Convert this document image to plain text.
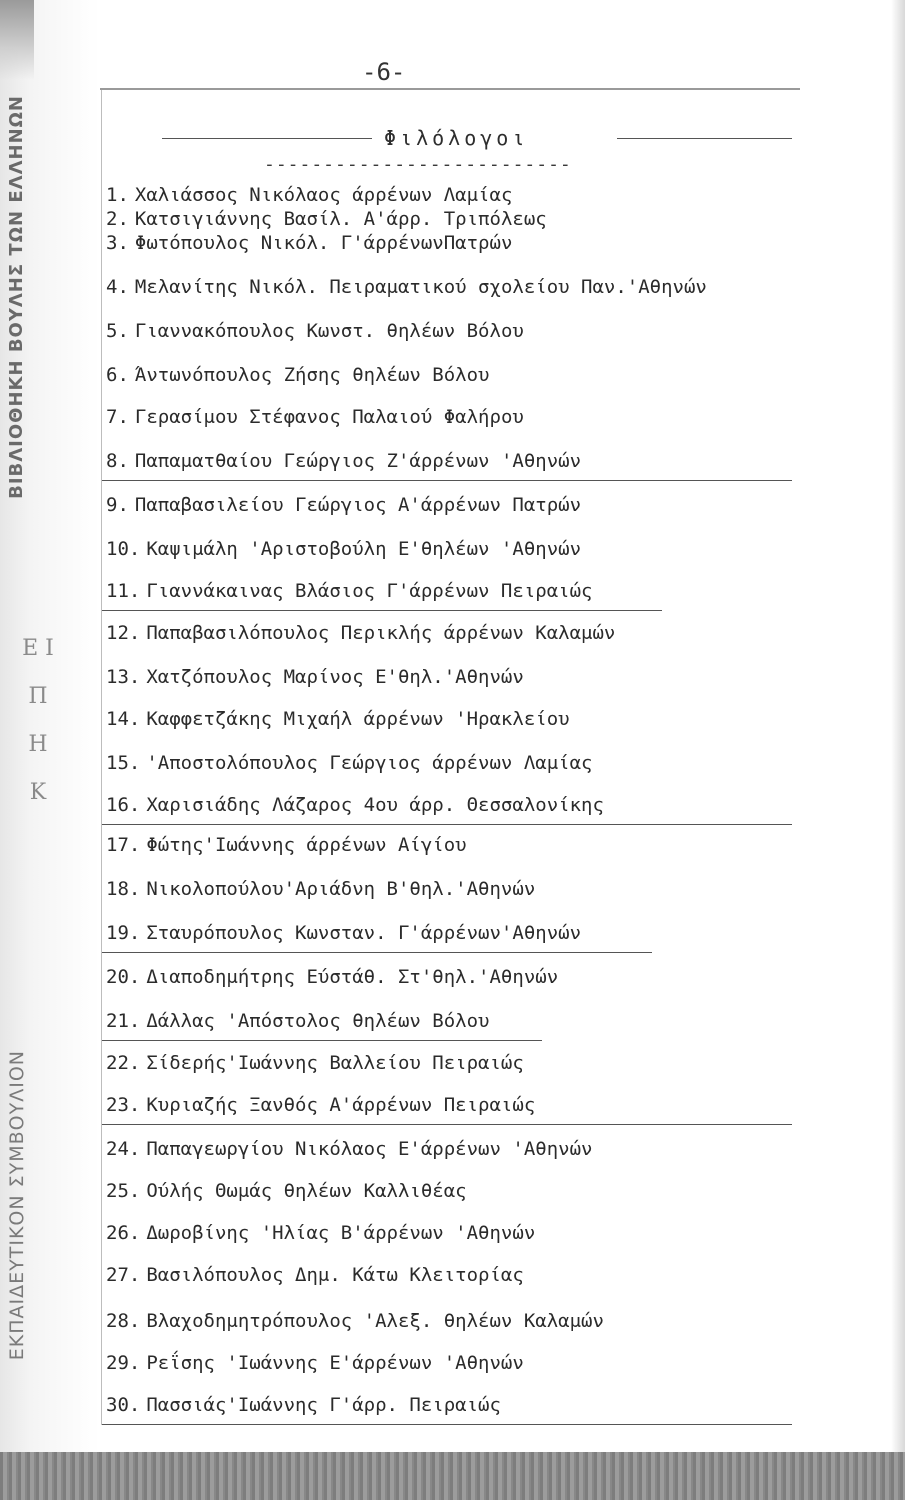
ΒΙΒΛΙΟΘΗΚΗ ΒΟΥΛΗΣ ΤΩΝ ΕΛΛΗΝΩΝ
ΕΚΠΑΙΔΕΥΤΙΚΟΝ ΣΥΜΒΟΥΛΙΟΝ
Ε Ι Π Η Κ
-6-
Φιλόλογοι
--------------------------
1. Χαλιάσσος Νικόλαος άρρένων Λαμίας
2. Κατσιγιάννης Βασίλ. Α'άρρ. Τριπόλεως
3. Φωτόπουλος Νικόλ. Γ'άρρένωνΠατρών
4. Μελανίτης Νικόλ. Πειραματικού σχολείου Παν.'Αθηνών
5. Γιαννακόπουλος Κωνστ. θηλέων Βόλου
6. Άντωνόπουλος Ζήσης θηλέων Βόλου
7. Γερασίμου Στέφανος Παλαιού Φαλήρου
8. Παπαματθαίου Γεώργιος Ζ'άρρένων 'Αθηνών
9. Παπαβασιλείου Γεώργιος Α'άρρένων Πατρών
10. Καψιμάλη 'Αριστοβούλη Ε'θηλέων 'Αθηνών
11. Γιαννάκαινας Βλάσιος Γ'άρρένων Πειραιώς
12. Παπαβασιλόπουλος Περικλής άρρένων Καλαμών
13. Χατζόπουλος Μαρίνος Ε'θηλ.'Αθηνών
14. Καφφετζάκης Μιχαήλ άρρένων 'Ηρακλείου
15. 'Αποστολόπουλος Γεώργιος άρρένων Λαμίας
16. Χαρισιάδης Λάζαρος 4ου άρρ. Θεσσαλονίκης
17. Φώτης'Ιωάννης άρρένων Αίγίου
18. Νικολοπούλου'Αριάδνη Β'θηλ.'Αθηνών
19. Σταυρόπουλος Κωνσταν. Γ'άρρένων'Αθηνών
20. Διαποδημήτρης Εύστάθ. Στ'θηλ.'Αθηνών
21. Δάλλας 'Απόστολος θηλέων Βόλου
22. Σίδερής'Ιωάννης Βαλλείου Πειραιώς
23. Κυριαζής Ξανθός Α'άρρένων Πειραιώς
24. Παπαγεωργίου Νικόλαος Ε'άρρένων 'Αθηνών
25. Ούλής Θωμάς θηλέων Καλλιθέας
26. Δωροβίνης 'Ηλίας Β'άρρένων 'Αθηνών
27. Βασιλόπουλος Δημ. Κάτω Κλειτορίας
28. Βλαχοδημητρόπουλος 'Αλεξ. θηλέων Καλαμών
29. Ρεΐσης 'Ιωάννης Ε'άρρένων 'Αθηνών
30. Πασσιάς'Ιωάννης Γ'άρρ. Πειραιώς
